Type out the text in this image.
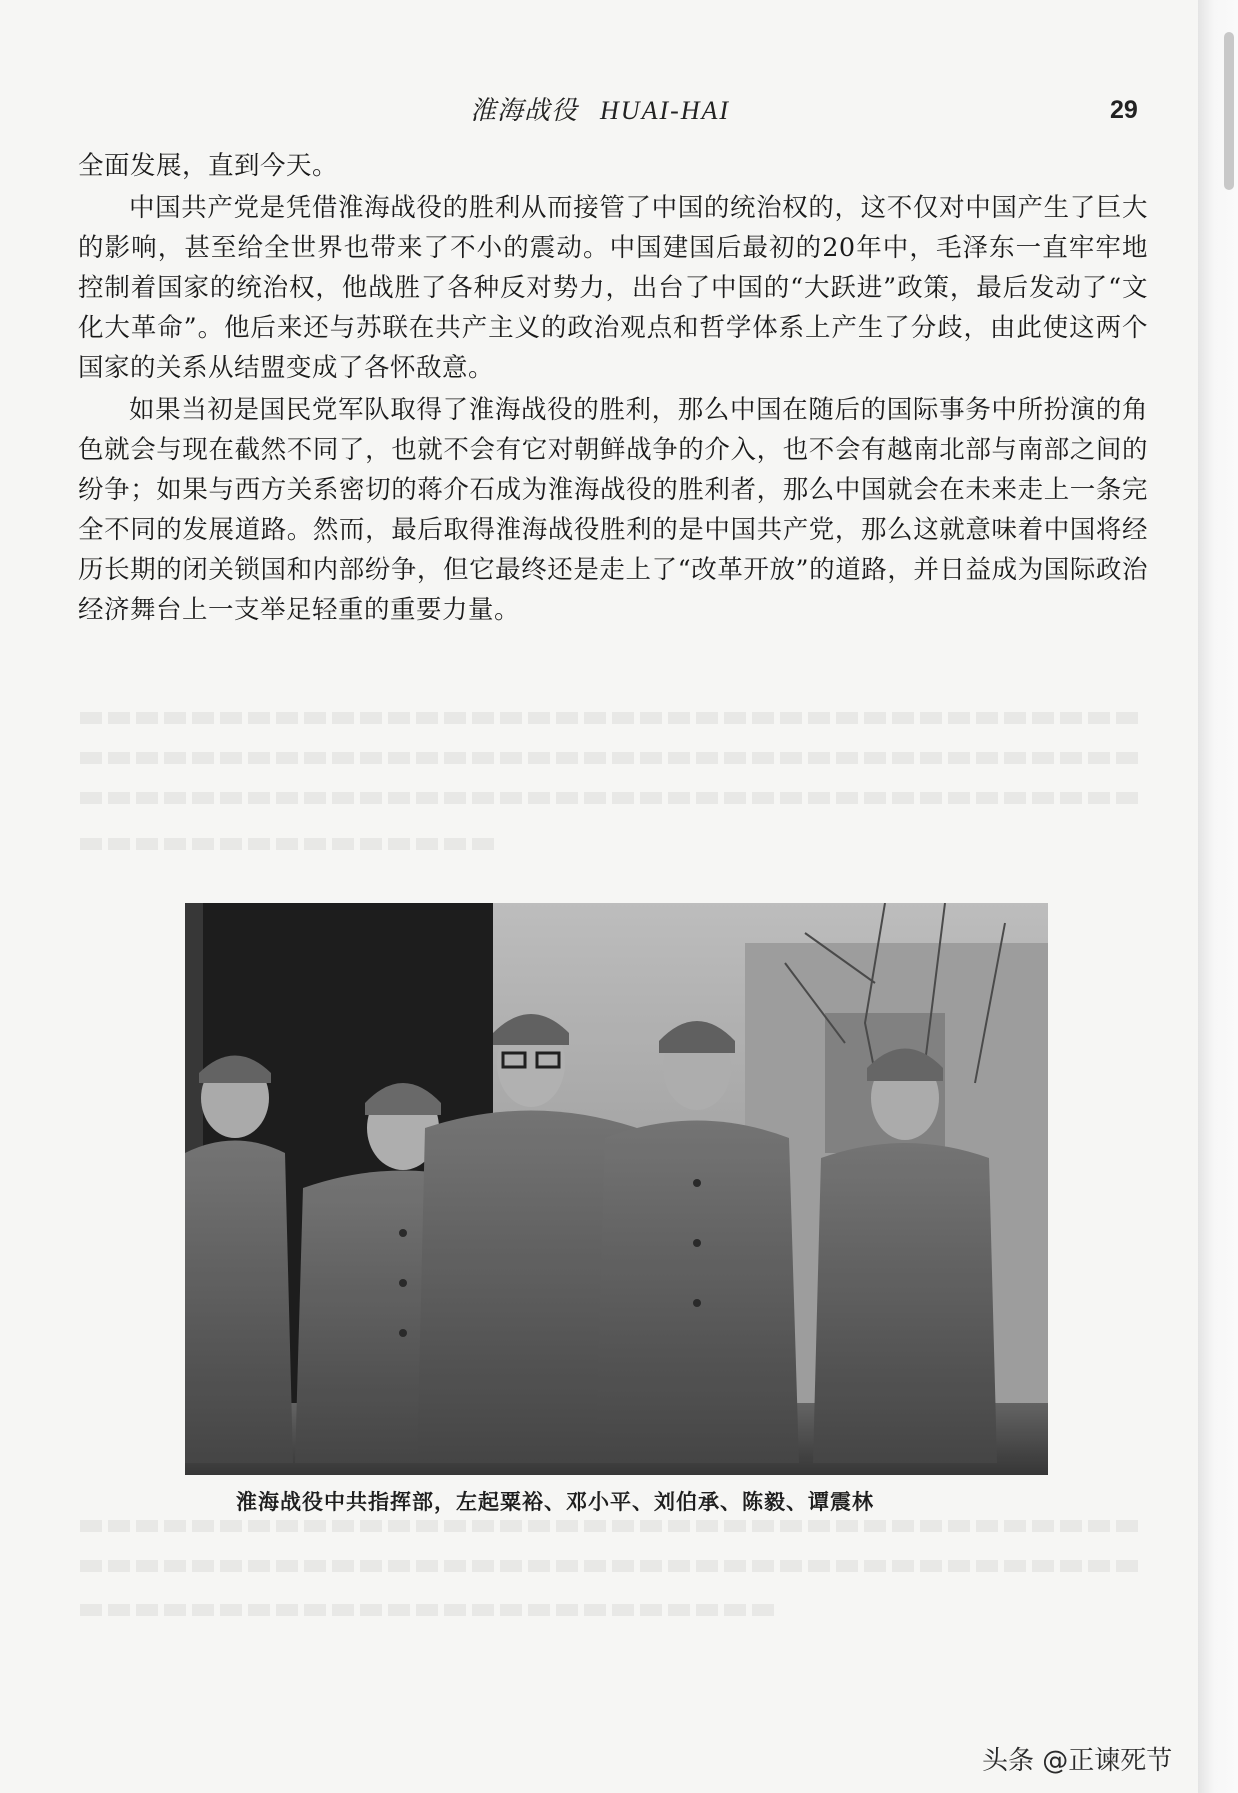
淮海战役 HUAI-HAI	29

全面发展，直到今天。

中国共产党是凭借淮海战役的胜利从而接管了中国的统治权的，这不仅对中国产生了巨大的影响，甚至给全世界也带来了不小的震动。中国建国后最初的20年中，毛泽东一直牢牢地控制着国家的统治权，他战胜了各种反对势力，出台了中国的“大跃进”政策，最后发动了“文化大革命”。他后来还与苏联在共产主义的政治观点和哲学体系上产生了分歧，由此使这两个国家的关系从结盟变成了各怀敌意。

如果当初是国民党军队取得了淮海战役的胜利，那么中国在随后的国际事务中所扮演的角色就会与现在截然不同了，也就不会有它对朝鲜战争的介入，也不会有越南北部与南部之间的纷争；如果与西方关系密切的蒋介石成为淮海战役的胜利者，那么中国就会在未来走上一条完全不同的发展道路。然而，最后取得淮海战役胜利的是中国共产党，那么这就意味着中国将经历长期的闭关锁国和内部纷争，但它最终还是走上了“改革开放”的道路，并日益成为国际政治经济舞台上一支举足轻重的重要力量。

淮海战役中共指挥部，左起粟裕、邓小平、刘伯承、陈毅、谭震林
头条 @正谏死节
